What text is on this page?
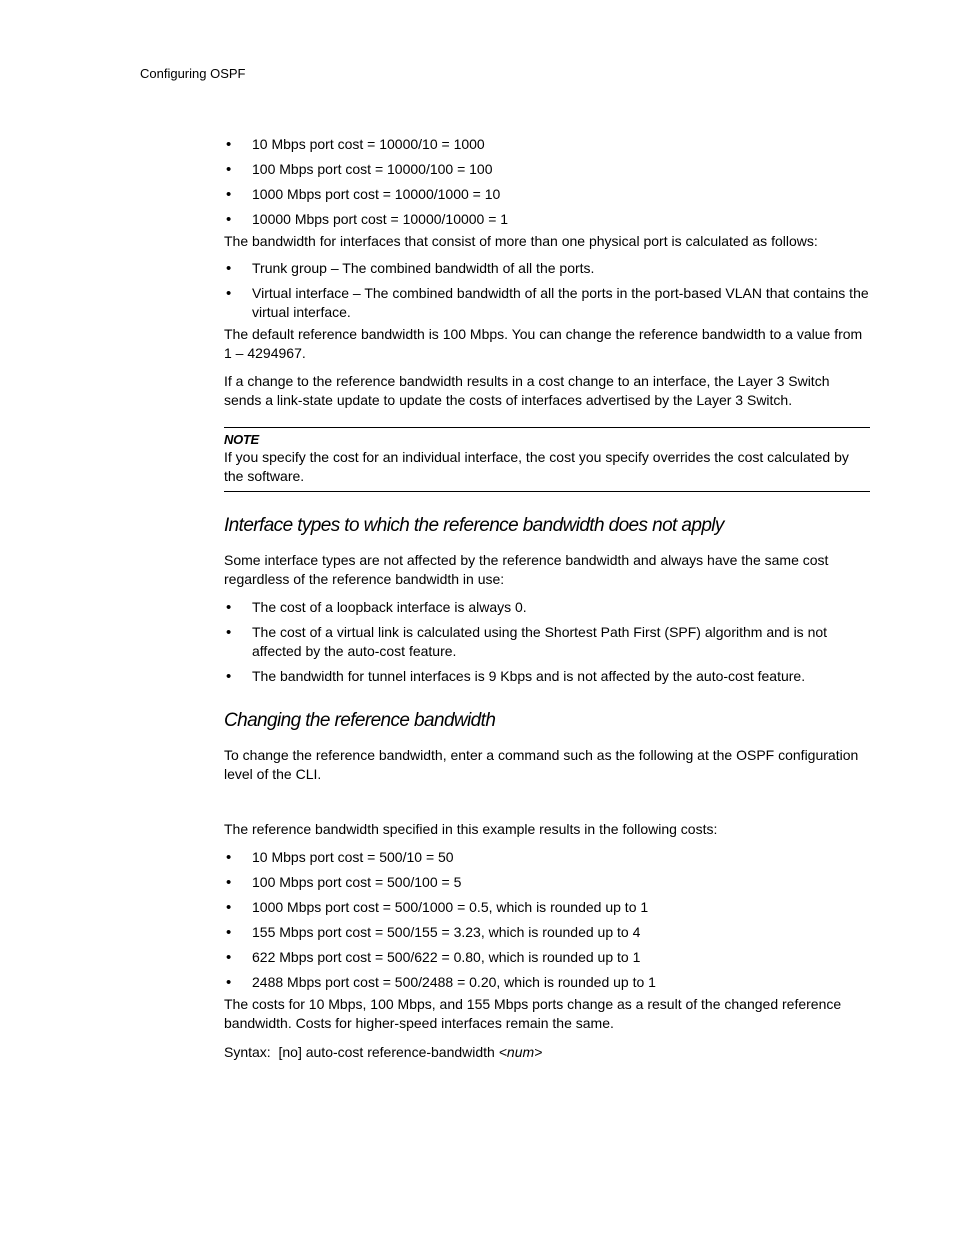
Configuring OSPF
• 10 Mbps port cost = 10000/10 = 1000
• 100 Mbps port cost = 10000/100 = 100
• 1000 Mbps port cost = 10000/1000 = 10
• 10000 Mbps port cost = 10000/10000 = 1

The bandwidth for interfaces that consist of more than one physical port is calculated as follows:

• Trunk group – The combined bandwidth of all the ports.
• Virtual interface – The combined bandwidth of all the ports in the port-based VLAN that contains the virtual interface.

The default reference bandwidth is 100 Mbps. You can change the reference bandwidth to a value from 1 – 4294967.

If a change to the reference bandwidth results in a cost change to an interface, the Layer 3 Switch sends a link-state update to update the costs of interfaces advertised by the Layer 3 Switch.

NOTE
If you specify the cost for an individual interface, the cost you specify overrides the cost calculated by the software.
Interface types to which the reference bandwidth does not apply

Some interface types are not affected by the reference bandwidth and always have the same cost regardless of the reference bandwidth in use:

• The cost of a loopback interface is always 0.
• The cost of a virtual link is calculated using the Shortest Path First (SPF) algorithm and is not affected by the auto-cost feature.
• The bandwidth for tunnel interfaces is 9 Kbps and is not affected by the auto-cost feature.
Changing the reference bandwidth

To change the reference bandwidth, enter a command such as the following at the OSPF configuration level of the CLI.

The reference bandwidth specified in this example results in the following costs:

• 10 Mbps port cost = 500/10 = 50
• 100 Mbps port cost = 500/100 = 5
• 1000 Mbps port cost = 500/1000 = 0.5, which is rounded up to 1
• 155 Mbps port cost = 500/155 = 3.23, which is rounded up to 4
• 622 Mbps port cost = 500/622 = 0.80, which is rounded up to 1
• 2488 Mbps port cost = 500/2488 = 0.20, which is rounded up to 1

The costs for 10 Mbps, 100 Mbps, and 155 Mbps ports change as a result of the changed reference bandwidth. Costs for higher-speed interfaces remain the same.

Syntax: [no] auto-cost reference-bandwidth <num>
